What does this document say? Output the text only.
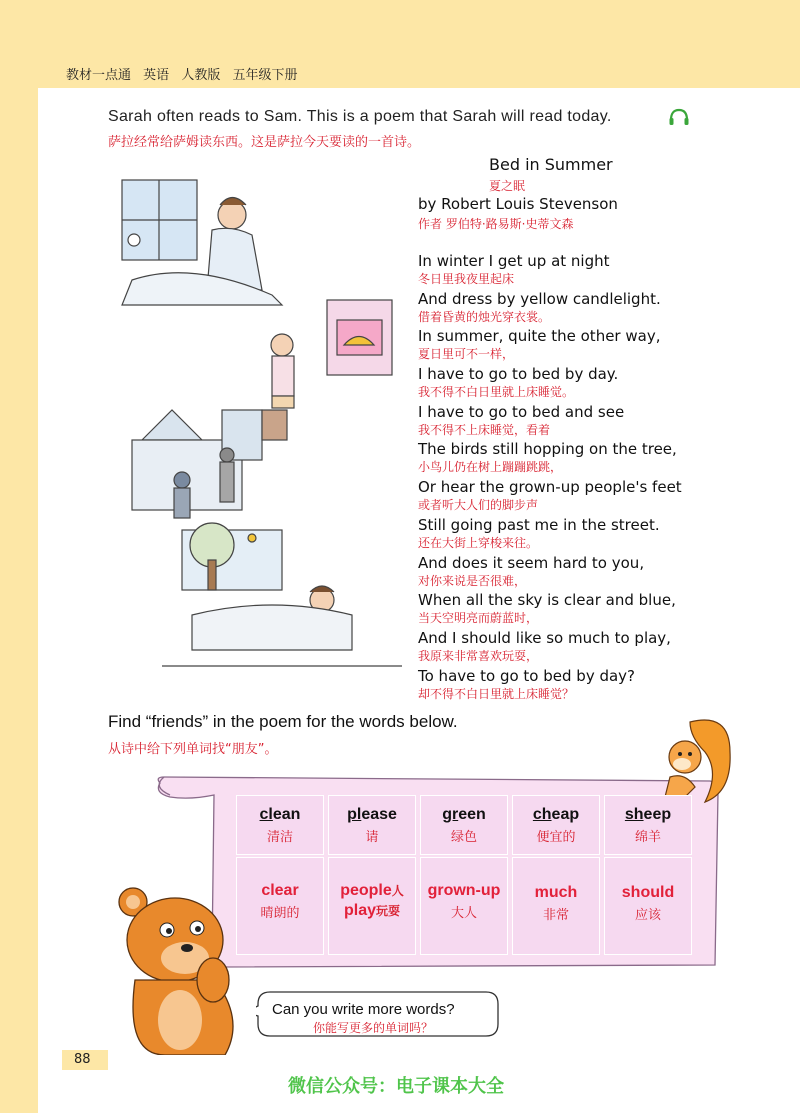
教材一点通 英语 人教版 五年级下册
Sarah often reads to Sam. This is a poem that Sarah will read today.
萨拉经常给萨姆读东西。这是萨拉今天要读的一首诗。
Bed in Summer
夏之眠
by Robert Louis Stevenson
作者 罗伯特·路易斯·史蒂文森
In winter I get up at night
冬日里我夜里起床
And dress by yellow candlelight.
借着昏黄的烛光穿衣裳。
In summer, quite the other way,
夏日里可不一样，
I have to go to bed by day.
我不得不白日里就上床睡觉。
I have to go to bed and see
我不得不上床睡觉，看着
The birds still hopping on the tree,
小鸟儿仍在树上蹦蹦跳跳，
Or hear the grown-up people's feet
或者听大人们的脚步声
Still going past me in the street.
还在大街上穿梭来往。
And does it seem hard to you,
对你来说是否很难，
When all the sky is clear and blue,
当天空明亮而蔚蓝时，
And I should like so much to play,
我原来非常喜欢玩耍，
To have to go to bed by day?
却不得不白日里就上床睡觉？
Find “friends” in the poem for the words below.
从诗中给下列单词找“朋友”。
clean
清洁
please
请
green
绿色
cheap
便宜的
sheep
绵羊
clear
晴朗的
people人
play玩耍
grown-up
大人
much
非常
should
应该
Can you write more words?
你能写更多的单词吗？
88
微信公众号：电子课本大全
